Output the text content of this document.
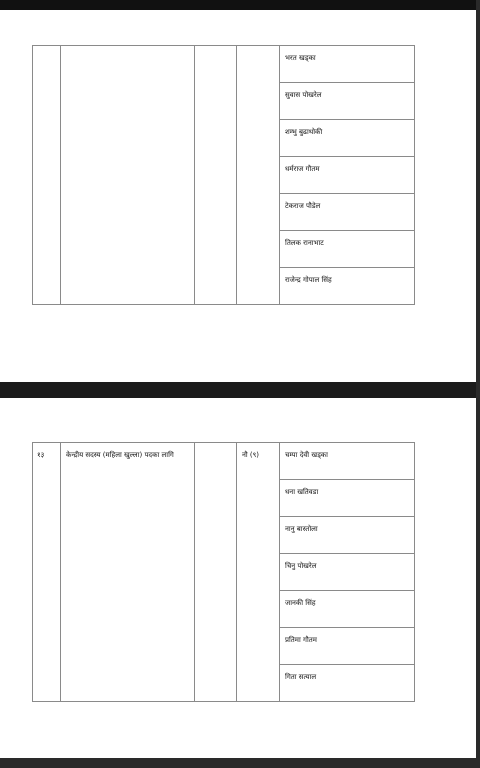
भरत खड्का

सुवास पोखरेल

शम्भु बुढाथोकी

धर्मराज गौतम

टेकराज पौडेल

तिलक रानाभाट

राजेन्द्र गोपाल सिंह
१३	केन्द्रीय सदस्य (महिला खुल्ला) पदका लागि		नौ (९)	चम्पा देवी खड्का

धना खतिवडा

नानु बास्तोला

चिनु पोखरेल

जानकी सिंह

प्रतिमा गौतम

गिता सत्याल
